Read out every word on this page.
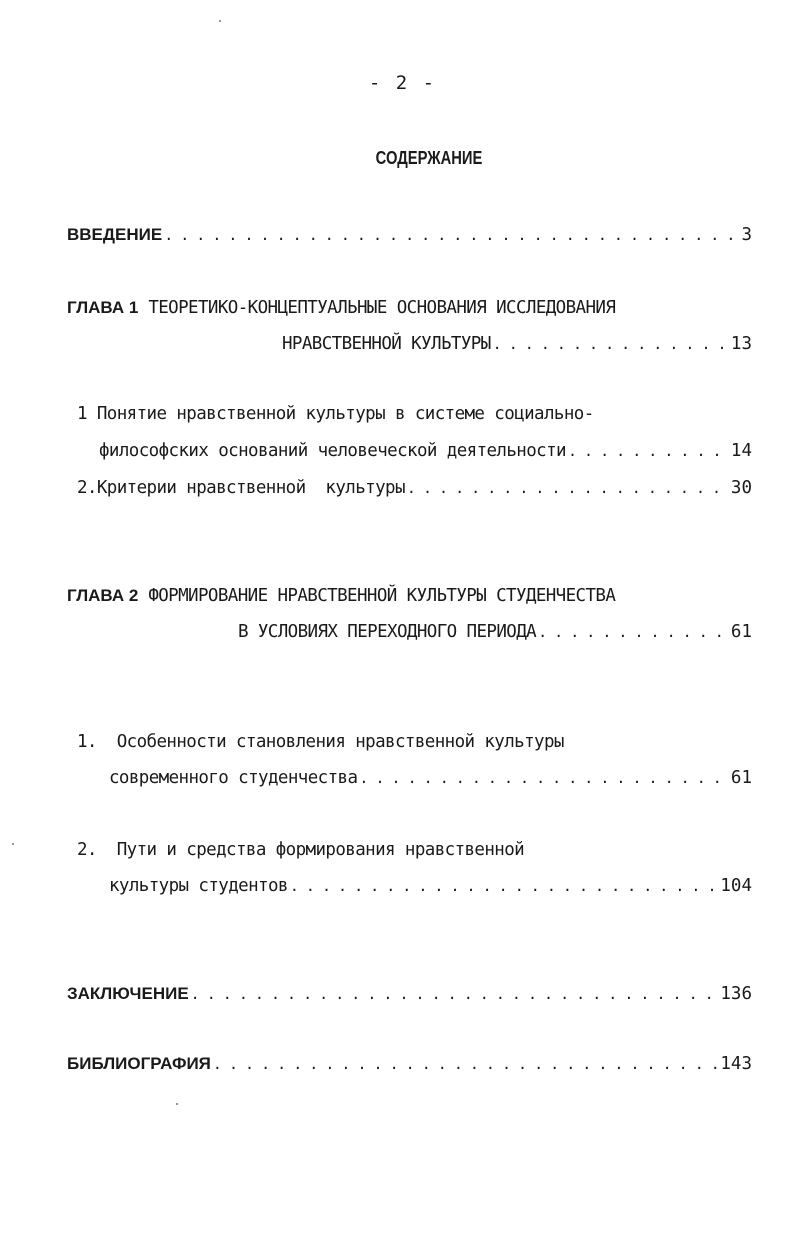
- 2 -
СОДЕРЖАНИЕ
ВВЕДЕНИЕ . . .	3
ГЛАВА 1 ТЕОРЕТИКО-КОНЦЕПТУАЛЬНЫЕ ОСНОВАНИЯ ИССЛЕДОВАНИЯ
НРАВСТВЕННОЙ КУЛЬТУРЫ . . .	13
1 Понятие нравственной культуры в системе социально-
философских оснований человеческой деятельности . . .	14
2.Критерии нравственной  культуры . . .	30
ГЛАВА 2 ФОРМИРОВАНИЕ НРАВСТВЕННОЙ КУЛЬТУРЫ СТУДЕНЧЕСТВА
В УСЛОВИЯХ ПЕРЕХОДНОГО ПЕРИОДА . . .	61
1.  Особенности становления нравственной культуры
современного студенчества . . .	61
2.  Пути и средства формирования нравственной
культуры студентов . . .	104
ЗАКЛЮЧЕНИЕ . . .	136
БИБЛИОГРАФИЯ . . .	143
